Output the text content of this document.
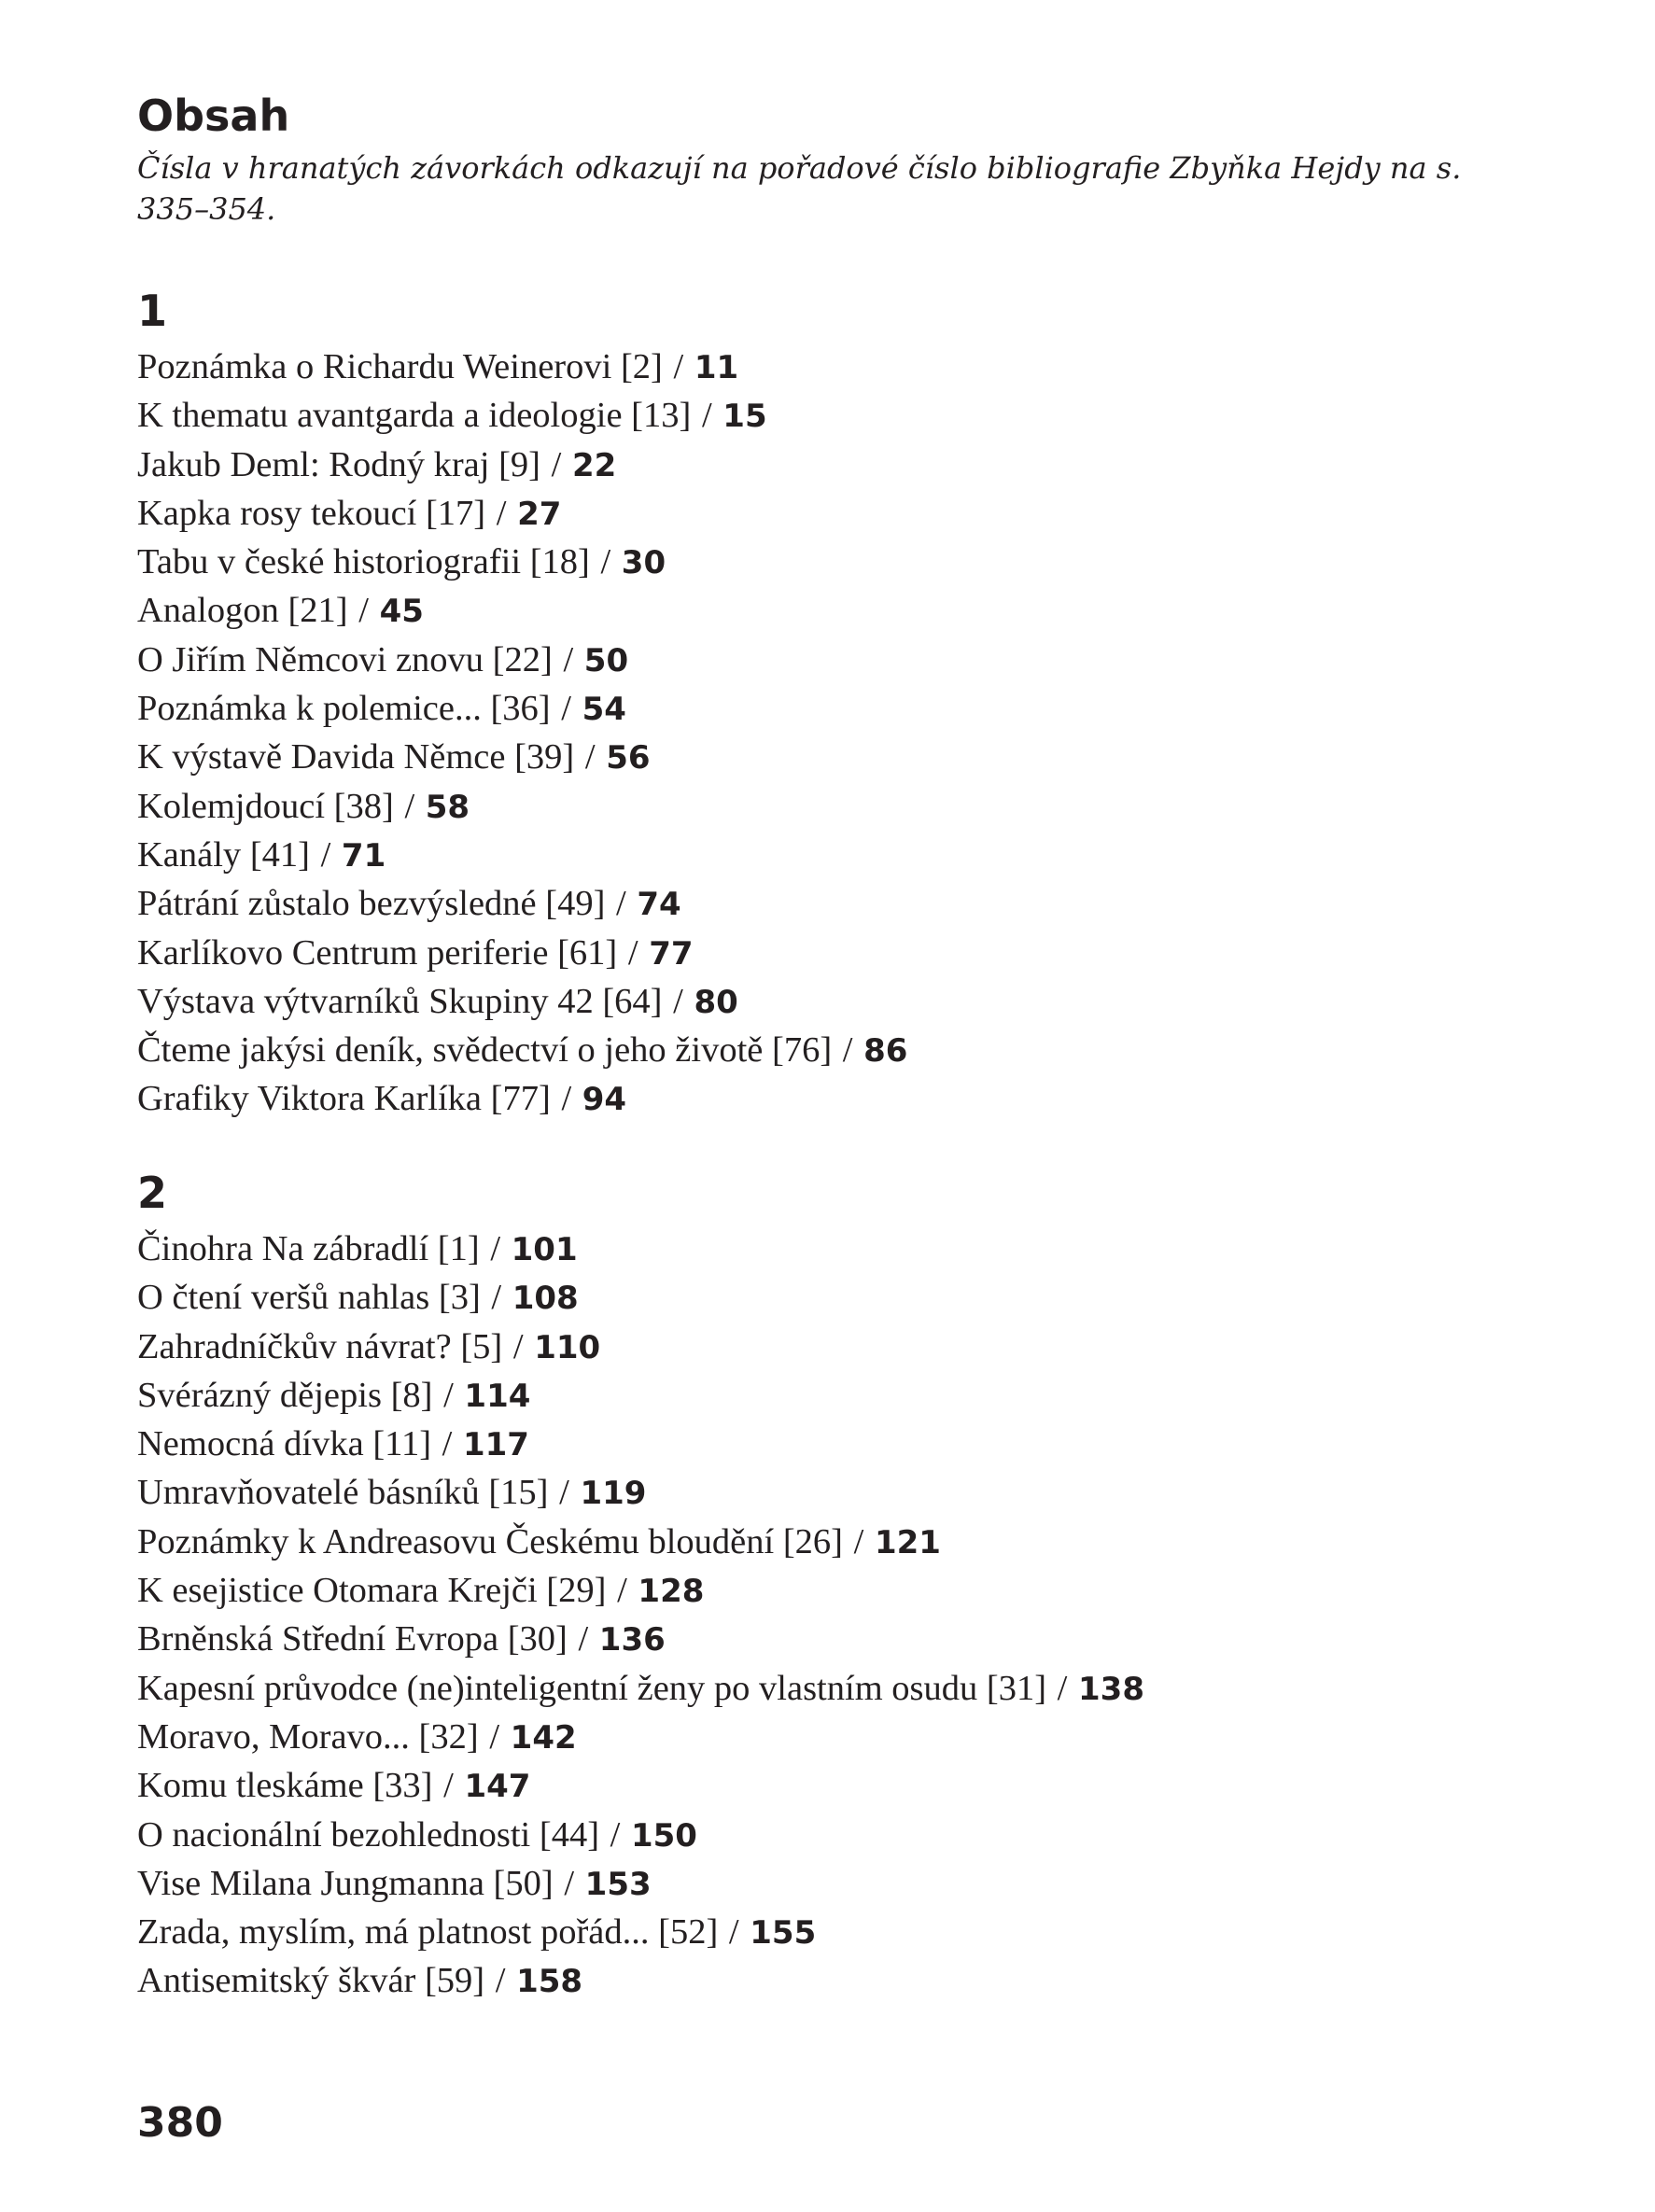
Obsah

Čísla v hranatých závorkách odkazují na pořadové číslo bibliografie Zbyňka Hejdy na s. 335–354.

1
Poznámka o Richardu Weinerovi [2] / 11
K thematu avantgarda a ideologie [13] / 15
Jakub Deml: Rodný kraj [9] / 22
Kapka rosy tekoucí [17] / 27
Tabu v české historiografii [18] / 30
Analogon [21] / 45
O Jiřím Němcovi znovu [22] / 50
Poznámka k polemice... [36] / 54
K výstavě Davida Němce [39] / 56
Kolemjdoucí [38] / 58
Kanály [41] / 71
Pátrání zůstalo bezvýsledné [49] / 74
Karlíkovo Centrum periferie [61] / 77
Výstava výtvarníků Skupiny 42 [64] / 80
Čteme jakýsi deník, svědectví o jeho životě [76] / 86
Grafiky Viktora Karlíka [77] / 94
2
Činohra Na zábradlí [1] / 101
O čtení veršů nahlas [3] / 108
Zahradníčkův návrat? [5] / 110
Svérázný dějepis [8] / 114
Nemocná dívka [11] / 117
Umravňovatelé básníků [15] / 119
Poznámky k Andreasovu Českému bloudění [26] / 121
K esejistice Otomara Krejči [29] / 128
Brněnská Střední Evropa [30] / 136
Kapesní průvodce (ne)inteligentní ženy po vlastním osudu [31] / 138
Moravo, Moravo... [32] / 142
Komu tleskáme [33] / 147
O nacionální bezohlednosti [44] / 150
Vise Milana Jungmanna [50] / 153
Zrada, myslím, má platnost pořád... [52] / 155
Antisemitský škvár [59] / 158
380
